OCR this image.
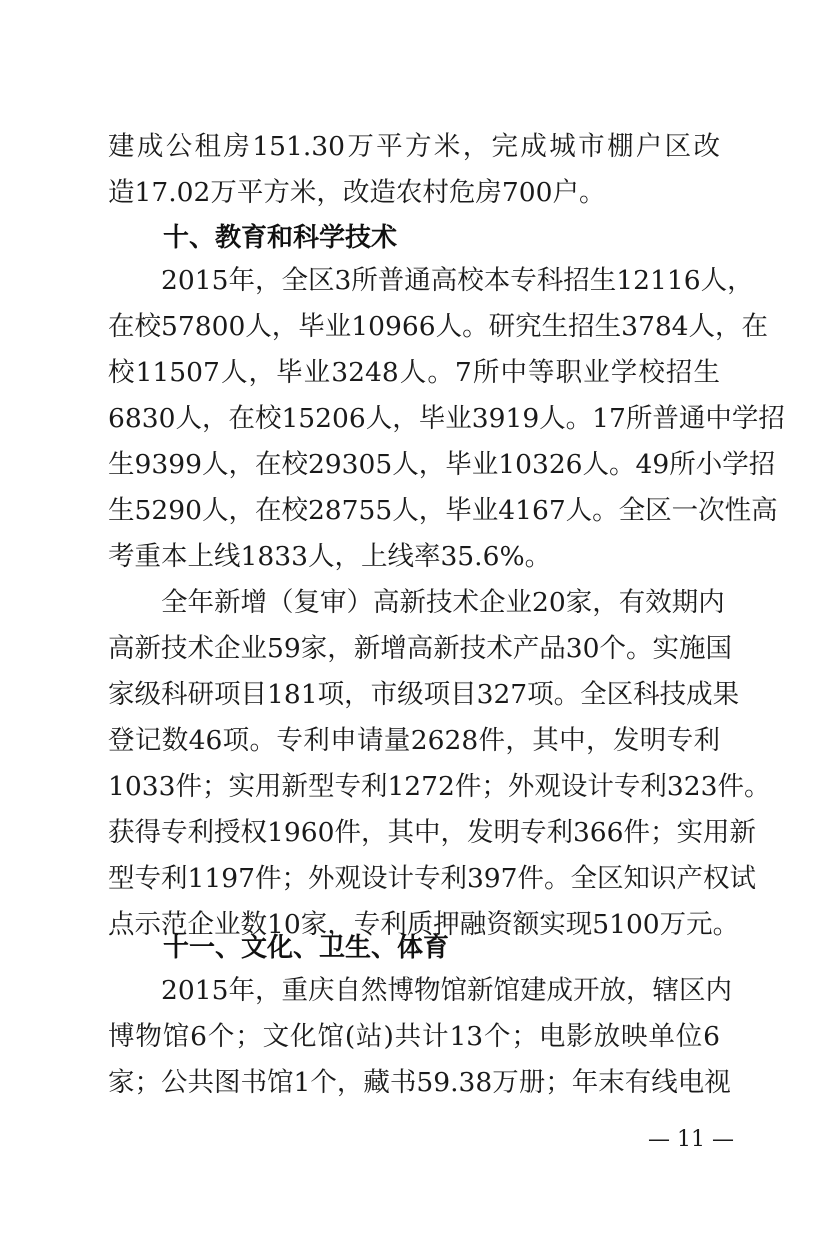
建成公租房151.30万平方米，完成城市棚户区改
造17.02万平方米，改造农村危房700户。
十、教育和科学技术
2015年，全区3所普通高校本专科招生12116人，
在校57800人，毕业10966人。研究生招生3784人，在
校11507人，毕业3248人。7所中等职业学校招生
6830人，在校15206人，毕业3919人。17所普通中学招
生9399人，在校29305人，毕业10326人。49所小学招
生5290人，在校28755人，毕业4167人。全区一次性高
考重本上线1833人，上线率35.6%。
全年新增（复审）高新技术企业20家，有效期内
高新技术企业59家，新增高新技术产品30个。实施国
家级科研项目181项，市级项目327项。全区科技成果
登记数46项。专利申请量2628件，其中，发明专利
1033件；实用新型专利1272件；外观设计专利323件。
获得专利授权1960件，其中，发明专利366件；实用新
型专利1197件；外观设计专利397件。全区知识产权试
点示范企业数10家，专利质押融资额实现5100万元。
十一、文化、卫生、体育
2015年，重庆自然博物馆新馆建成开放，辖区内
博物馆6个；文化馆(站)共计13个；电影放映单位6
家；公共图书馆1个，藏书59.38万册；年末有线电视
— 11 —
